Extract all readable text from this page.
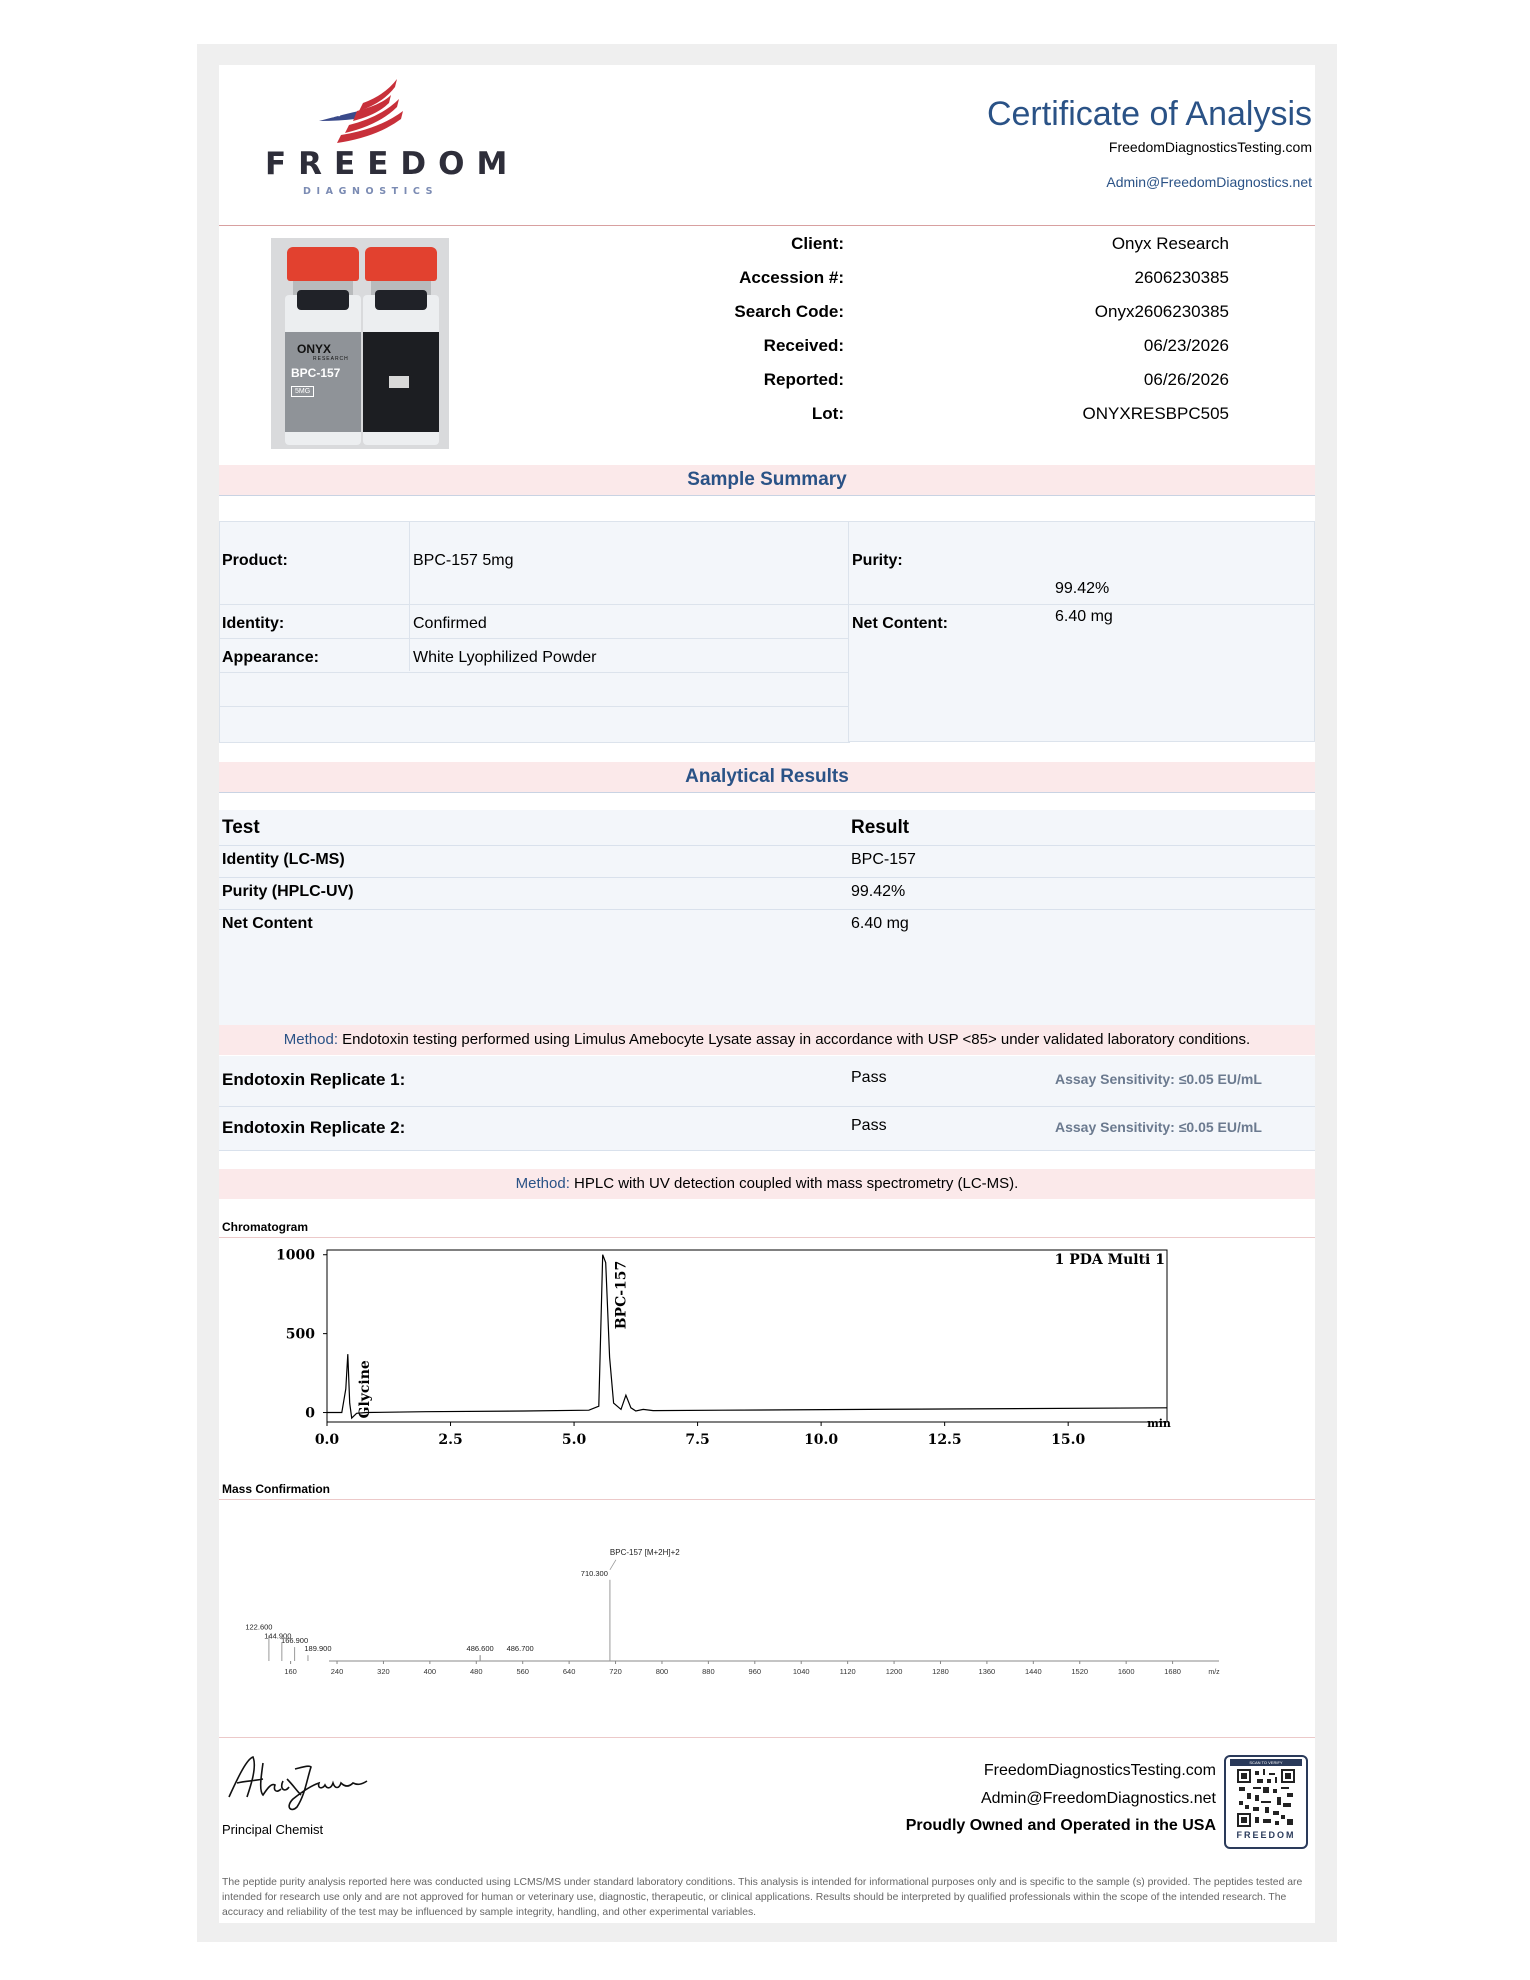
FREEDOM
DIAGNOSTICS
Certificate of Analysis
FreedomDiagnosticsTesting.com
Admin@FreedomDiagnostics.net
ONYX
RESEARCH
BPC-157
5MG
Client:	Onyx Research
Accession #:	2606230385
Search Code:	Onyx2606230385
Received:	06/23/2026
Reported:	06/26/2026
Lot:	ONYXRESBPC505
Sample Summary
Product:	BPC-157 5mg
Identity:	Confirmed
Appearance:	White Lyophilized Powder
Purity:
99.42%
Net Content:	6.40 mg
Analytical Results
Test	Result
Identity (LC-MS)	BPC-157
Purity (HPLC-UV)	99.42%
Net Content	6.40 mg
Method: Endotoxin testing performed using Limulus Amebocyte Lysate assay in accordance with USP <85> under validated laboratory conditions.
Endotoxin Replicate 1:	Pass	Assay Sensitivity: ≤0.05 EU/mL
Endotoxin Replicate 2:	Pass	Assay Sensitivity: ≤0.05 EU/mL
Method: HPLC with UV detection coupled with mass spectrometry (LC-MS).
Chromatogram
0
500
1000
0.0	2.5	5.0	7.5	10.0	12.5	15.0
min
1 PDA Multi 1
Glycine
BPC-157
Mass Confirmation
160	240	320	400	480	560	640	720	800	880	960	1040	1120	1200	1280	1360	1440	1520	1600	1680	m/z
122.600
144.900
166.900
189.900	486.600 486.700
710.300
BPC-157 [M+2H]+2
Principal Chemist
FreedomDiagnosticsTesting.com
Admin@FreedomDiagnostics.net
Proudly Owned and Operated in the USA
SCAN TO VERIFY
FREEDOM
The peptide purity analysis reported here was conducted using LCMS/MS under standard laboratory conditions. This analysis is intended for informational purposes only and is specific to the sample (s) provided. The peptides tested are intended for research use only and are not approved for human or veterinary use, diagnostic, therapeutic, or clinical applications. Results should be interpreted by qualified professionals within the scope of the intended research. The accuracy and reliability of the test may be influenced by sample integrity, handling, and other experimental variables.
